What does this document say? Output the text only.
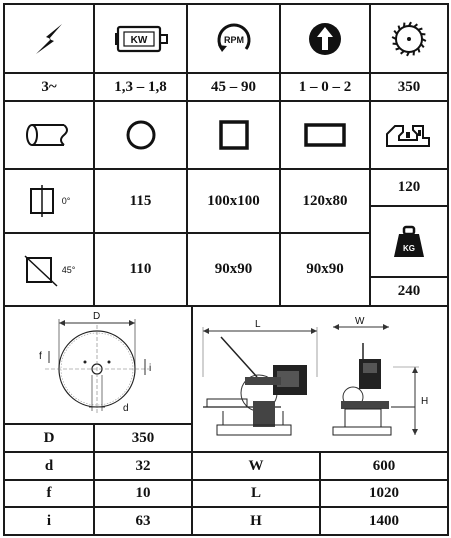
KW	RPM
3~	1,3 – 1,8	45 – 90	1 – 0 – 2	350
0°	115	100x100	120x80
120
45°	110	90x90	90x90
KG
240
D
f
i
d
L	W
H
D	350
d	32	W	600
f	10	L	1020
i	63	H	1400
